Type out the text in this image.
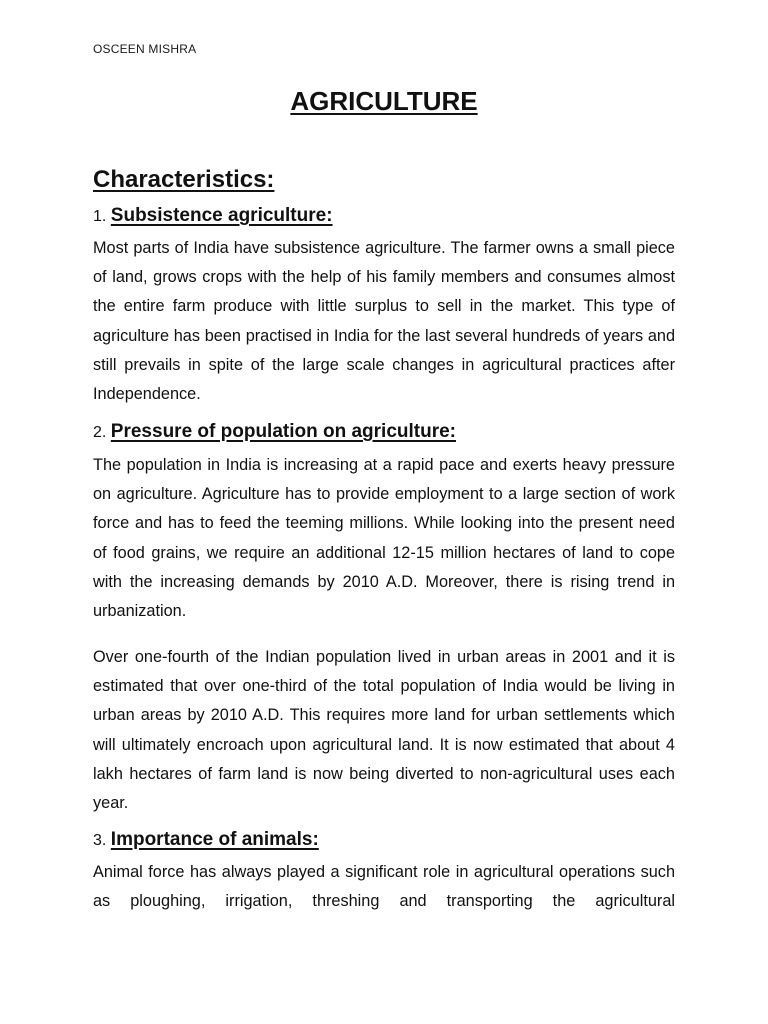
OSCEEN MISHRA
AGRICULTURE
Characteristics:
1. Subsistence agriculture:

Most parts of India have subsistence agriculture. The farmer owns a small piece of land, grows crops with the help of his family members and consumes almost the entire farm produce with little surplus to sell in the market. This type of agriculture has been practised in India for the last several hundreds of years and still prevails in spite of the large scale changes in agricultural practices after Independence.

2. Pressure of population on agriculture:

The population in India is increasing at a rapid pace and exerts heavy pressure on agriculture. Agriculture has to provide employment to a large section of work force and has to feed the teeming millions. While looking into the present need of food grains, we require an additional 12-15 million hectares of land to cope with the increasing demands by 2010 A.D. Moreover, there is rising trend in urbanization.

Over one-fourth of the Indian population lived in urban areas in 2001 and it is estimated that over one-third of the total population of India would be living in urban areas by 2010 A.D. This requires more land for urban settlements which will ultimately encroach upon agricultural land. It is now estimated that about 4 lakh hectares of farm land is now being diverted to non-agricultural uses each year.

3. Importance of animals:

Animal force has always played a significant role in agricultural operations such as ploughing, irrigation, threshing and transporting the agricultural
